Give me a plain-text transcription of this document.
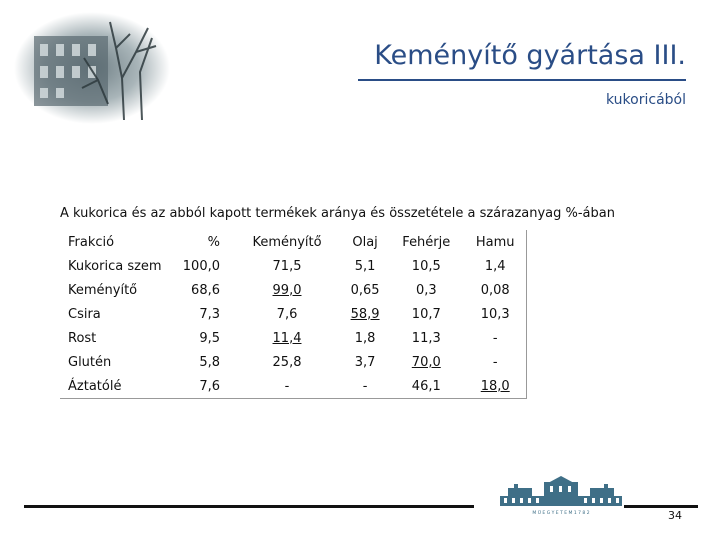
Keményítő gyártása III.
kukoricából
A kukorica és az abból kapott termékek aránya és összetétele a szárazanyag %-ában
Frakció	%	Keményítő	Olaj	Fehérje	Hamu
Kukorica szem	100,0	71,5	5,1	10,5	1,4
Keményítő	68,6	99,0	0,65	0,3	0,08
Csira	7,3	7,6	58,9	10,7	10,3
Rost	9,5	11,4	1,8	11,3	-
Glutén	5,8	25,8	3,7	70,0	-
Áztatólé	7,6	-	-	46,1	18,0
M Ű E G Y E T E M 1 7 8 2	34
